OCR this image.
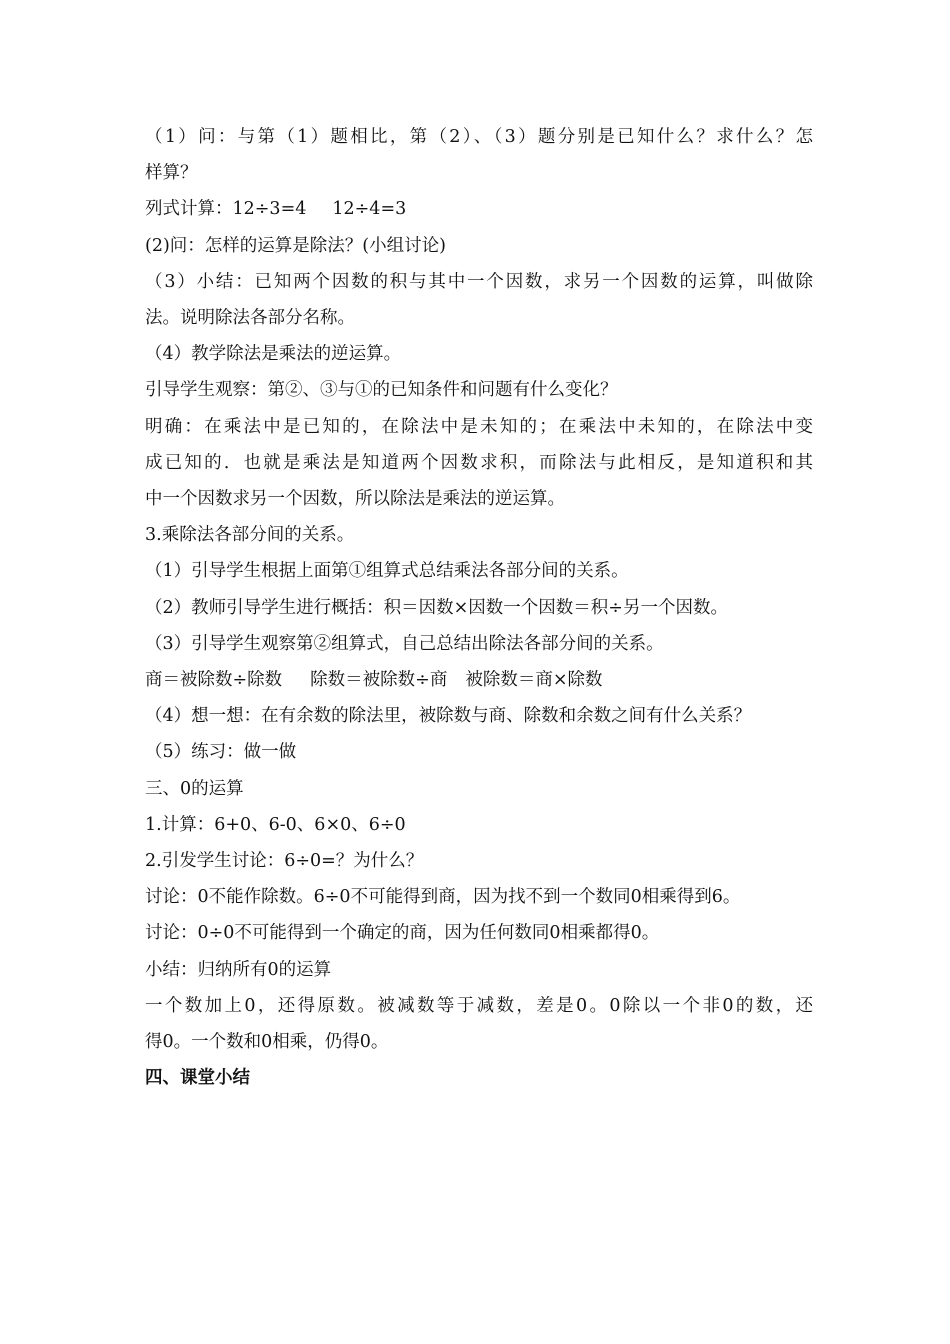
（1）问：与第（1）题相比，第（2）、（3）题分别是已知什么？求什么？怎

样算？

列式计算：12÷3=4 12÷4=3

(2)问：怎样的运算是除法？(小组讨论)

（3）小结：已知两个因数的积与其中一个因数，求另一个因数的运算，叫做除

法。说明除法各部分名称。

（4）教学除法是乘法的逆运算。

引导学生观察：第②、③与①的已知条件和问题有什么变化？

明确：在乘法中是已知的，在除法中是未知的；在乘法中未知的，在除法中变

成已知的．也就是乘法是知道两个因数求积，而除法与此相反，是知道积和其

中一个因数求另一个因数，所以除法是乘法的逆运算。

3.乘除法各部分间的关系。

（1）引导学生根据上面第①组算式总结乘法各部分间的关系。

（2）教师引导学生进行概括：积＝因数×因数一个因数＝积÷另一个因数。

（3）引导学生观察第②组算式，自己总结出除法各部分间的关系。

商＝被除数÷除数 除数＝被除数÷商 被除数＝商×除数

（4）想一想：在有余数的除法里，被除数与商、除数和余数之间有什么关系？

（5）练习：做一做

三、0的运算

1.计算：6+0、6-0、6×0、6÷0

2.引发学生讨论：6÷0=？为什么？

讨论：0不能作除数。6÷0不可能得到商，因为找不到一个数同0相乘得到6。

讨论：0÷0不可能得到一个确定的商，因为任何数同0相乘都得0。

小结：归纳所有0的运算

一个数加上0，还得原数。被减数等于减数，差是0。0除以一个非0的数，还

得0。一个数和0相乘，仍得0。

四、课堂小结
